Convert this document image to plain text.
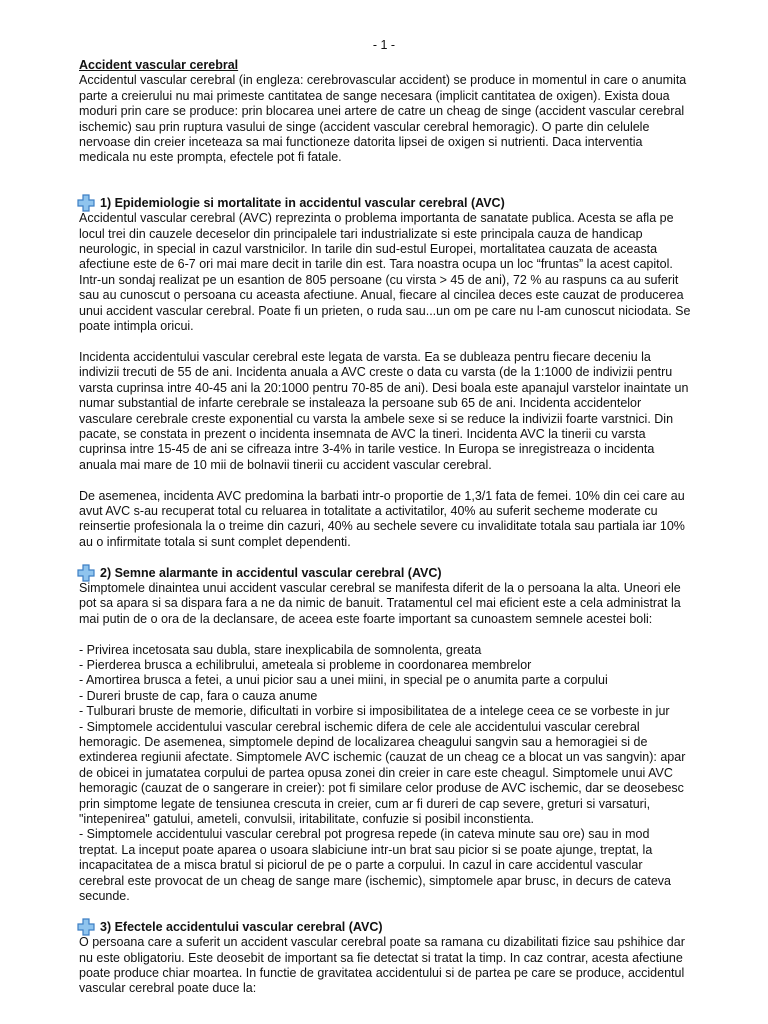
- 1 -

Accident vascular cerebral

Accidentul vascular cerebral (in engleza: cerebrovascular accident) se produce in momentul in care o anumita parte a creierului nu mai primeste cantitatea de sange necesara (implicit cantitatea de oxigen). Exista doua moduri prin care se produce: prin blocarea unei artere de catre un cheag de singe (accident vascular cerebral ischemic) sau prin ruptura vasului de singe (accident vascular cerebral hemoragic). O parte din celulele nervoase din creier inceteaza sa mai functioneze datorita lipsei de oxigen si nutrienti. Daca interventia medicala nu este prompta, efectele pot fi fatale.

1) Epidemiologie si mortalitate in accidentul vascular cerebral (AVC)

Accidentul vascular cerebral (AVC) reprezinta o problema importanta de sanatate publica. Acesta se afla pe locul trei din cauzele deceselor din principalele tari industrializate si este principala cauza de handicap neurologic, in special in cazul varstnicilor. In tarile din sud-estul Europei, mortalitatea cauzata de aceasta afectiune este de 6-7 ori mai mare decit in tarile din est. Tara noastra ocupa un loc “fruntas” la acest capitol. Intr-un sondaj realizat pe un esantion de 805 persoane (cu virsta > 45 de ani), 72 % au raspuns ca au suferit sau au cunoscut o persoana cu aceasta afectiune. Anual, fiecare al cincilea deces este cauzat de producerea unui accident vascular cerebral. Poate fi un prieten, o ruda sau...un om pe care nu l-am cunoscut niciodata. Se poate intimpla oricui.

Incidenta accidentului vascular cerebral este legata de varsta. Ea se dubleaza pentru fiecare deceniu la indivizii trecuti de 55 de ani. Incidenta anuala a AVC creste o data cu varsta (de la 1:1000 de indivizii pentru varsta cuprinsa intre 40-45 ani la 20:1000 pentru 70-85 de ani). Desi boala este apanajul varstelor inaintate un numar substantial de infarte cerebrale se instaleaza la persoane sub 65 de ani. Incidenta accidentelor vasculare cerebrale creste exponential cu varsta la ambele sexe si se reduce la indivizii foarte varstnici. Din pacate, se constata in prezent o incidenta insemnata de AVC la tineri. Incidenta AVC la tinerii cu varsta cuprinsa intre 15-45 de ani se cifreaza intre 3-4% in tarile vestice. In Europa se inregistreaza o incidenta anuala mai mare de 10 mii de bolnavii tinerii cu accident vascular cerebral.

De asemenea, incidenta AVC predomina la barbati intr-o proportie de 1,3/1 fata de femei. 10% din cei care au avut AVC s-au recuperat total cu reluarea in totalitate a activitatilor, 40% au suferit secheme moderate cu reinsertie profesionala la o treime din cazuri, 40% au sechele severe cu invaliditate totala sau partiala iar 10% au o infirmitate totala si sunt complet dependenti.

2) Semne alarmante in accidentul vascular cerebral (AVC)

Simptomele dinaintea unui accident vascular cerebral se manifesta diferit de la o persoana la alta. Uneori ele pot sa apara si sa dispara fara a ne da nimic de banuit. Tratamentul cel mai eficient este a cela administrat la mai putin de o ora de la declansare, de aceea este foarte important sa cunoastem semnele acestei boli:

- Privirea incetosata sau dubla, stare inexplicabila de somnolenta, greata

- Pierderea brusca a echilibrului, ameteala si probleme in coordonarea membrelor

- Amortirea brusca a fetei, a unui picior sau a unei miini, in special pe o anumita parte a corpului

- Dureri bruste de cap, fara o cauza anume

- Tulburari bruste de memorie, dificultati in vorbire si imposibilitatea de a intelege ceea ce se vorbeste in jur

- Simptomele accidentului vascular cerebral ischemic difera de cele ale accidentului vascular cerebral hemoragic. De asemenea, simptomele depind de localizarea cheagului sangvin sau a hemoragiei si de extinderea regiunii afectate. Simptomele AVC ischemic (cauzat de un cheag ce a blocat un vas sangvin): apar de obicei in jumatatea corpului de partea opusa zonei din creier in care este cheagul. Simptomele unui AVC hemoragic (cauzat de o sangerare in creier): pot fi similare celor produse de AVC ischemic, dar se deosebesc prin simptome legate de tensiunea crescuta in creier, cum ar fi dureri de cap severe, greturi si varsaturi, "intepenirea" gatului, ameteli, convulsii, iritabilitate, confuzie si posibil inconstienta.

- Simptomele accidentului vascular cerebral pot progresa repede (in cateva minute sau ore) sau in mod treptat. La inceput poate aparea o usoara slabiciune intr-un brat sau picior si se poate ajunge, treptat, la incapacitatea de a misca bratul si piciorul de pe o parte a corpului. In cazul in care accidentul vascular cerebral este provocat de un cheag de sange mare (ischemic), simptomele apar brusc, in decurs de cateva secunde.

3) Efectele accidentului vascular cerebral (AVC)

O persoana care a suferit un accident vascular cerebral poate sa ramana cu dizabilitati fizice sau pshihice dar nu este obligatoriu. Este deosebit de important sa fie detectat si tratat la timp. In caz contrar, acesta afectiune poate produce chiar moartea. In functie de gravitatea accidentului si de partea pe care se produce, accidentul vascular cerebral poate duce la:
